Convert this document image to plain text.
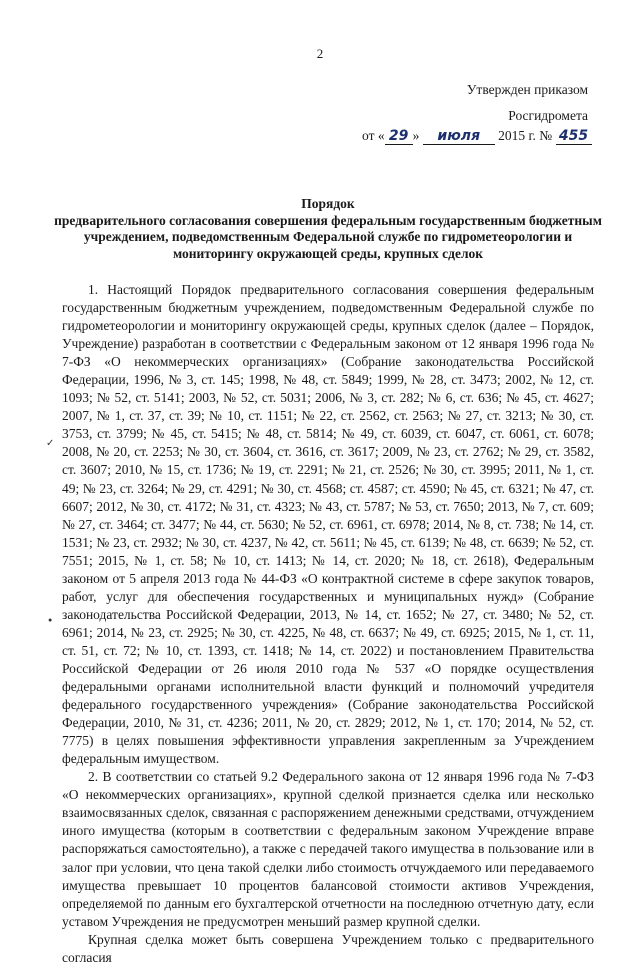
2
Утвержден приказом
Росгидромета
от « 29 » июля 2015 г. № 455
Порядок
предварительного согласования совершения федеральным государственным бюджетным учреждением, подведомственным Федеральной службе по гидрометеорологии и мониторингу окружающей среды, крупных сделок

1. Настоящий Порядок предварительного согласования совершения федеральным государственным бюджетным учреждением, подведомственным Федеральной службе по гидрометеорологии и мониторингу окружающей среды, крупных сделок (далее – Порядок, Учреждение) разработан в соответствии с Федеральным законом от 12 января 1996 года № 7-ФЗ «О некоммерческих организациях» (Собрание законодательства Российской Федерации, 1996, № 3, ст. 145; 1998, № 48, ст. 5849; 1999, № 28, ст. 3473; 2002, № 12, ст. 1093; № 52, ст. 5141; 2003, № 52, ст. 5031; 2006, № 3, ст. 282; № 6, ст. 636; № 45, ст. 4627; 2007, № 1, ст. 37, ст. 39; № 10, ст. 1151; № 22, ст. 2562, ст. 2563; № 27, ст. 3213; № 30, ст. 3753, ст. 3799; № 45, ст. 5415; № 48, ст. 5814; № 49, ст. 6039, ст. 6047, ст. 6061, ст. 6078; 2008, № 20, ст. 2253; № 30, ст. 3604, ст. 3616, ст. 3617; 2009, № 23, ст. 2762; № 29, ст. 3582, ст. 3607; 2010, № 15, ст. 1736; № 19, ст. 2291; № 21, ст. 2526; № 30, ст. 3995; 2011, № 1, ст. 49; № 23, ст. 3264; № 29, ст. 4291; № 30, ст. 4568; ст. 4587; ст. 4590; № 45, ст. 6321; № 47, ст. 6607; 2012, № 30, ст. 4172; № 31, ст. 4323; № 43, ст. 5787; № 53, ст. 7650; 2013, № 7, ст. 609; № 27, ст. 3464; ст. 3477; № 44, ст. 5630; № 52, ст. 6961, ст. 6978; 2014, № 8, ст. 738; № 14, ст. 1531; № 23, ст. 2932; № 30, ст. 4237, № 42, ст. 5611; № 45, ст. 6139; № 48, ст. 6639; № 52, ст. 7551; 2015, № 1, ст. 58; № 10, ст. 1413; № 14, ст. 2020; № 18, ст. 2618), Федеральным законом от 5 апреля 2013 года № 44-ФЗ «О контрактной системе в сфере закупок товаров, работ, услуг для обеспечения государственных и муниципальных нужд» (Собрание законодательства Российской Федерации, 2013, № 14, ст. 1652; № 27, ст. 3480; № 52, ст. 6961; 2014, № 23, ст. 2925; № 30, ст. 4225, № 48, ст. 6637; № 49, ст. 6925; 2015, № 1, ст. 11, ст. 51, ст. 72; № 10, ст. 1393, ст. 1418; № 14, ст. 2022) и постановлением Правительства Российской Федерации от 26 июля 2010 года № 537 «О порядке осуществления федеральными органами исполнительной власти функций и полномочий учредителя федерального государственного учреждения» (Собрание законодательства Российской Федерации, 2010, № 31, ст. 4236; 2011, № 20, ст. 2829; 2012, № 1, ст. 170; 2014, № 52, ст. 7775) в целях повышения эффективности управления закрепленным за Учреждением федеральным имуществом.

2. В соответствии со статьей 9.2 Федерального закона от 12 января 1996 года № 7-ФЗ «О некоммерческих организациях», крупной сделкой признается сделка или несколько взаимосвязанных сделок, связанная с распоряжением денежными средствами, отчуждением иного имущества (которым в соответствии с федеральным законом Учреждение вправе распоряжаться самостоятельно), а также с передачей такого имущества в пользование или в залог при условии, что цена такой сделки либо стоимость отчуждаемого или передаваемого имущества превышает 10 процентов балансовой стоимости активов Учреждения, определяемой по данным его бухгалтерской отчетности на последнюю отчетную дату, если уставом Учреждения не предусмотрен меньший размер крупной сделки.

Крупная сделка может быть совершена Учреждением только с предварительного согласия

✓
●
